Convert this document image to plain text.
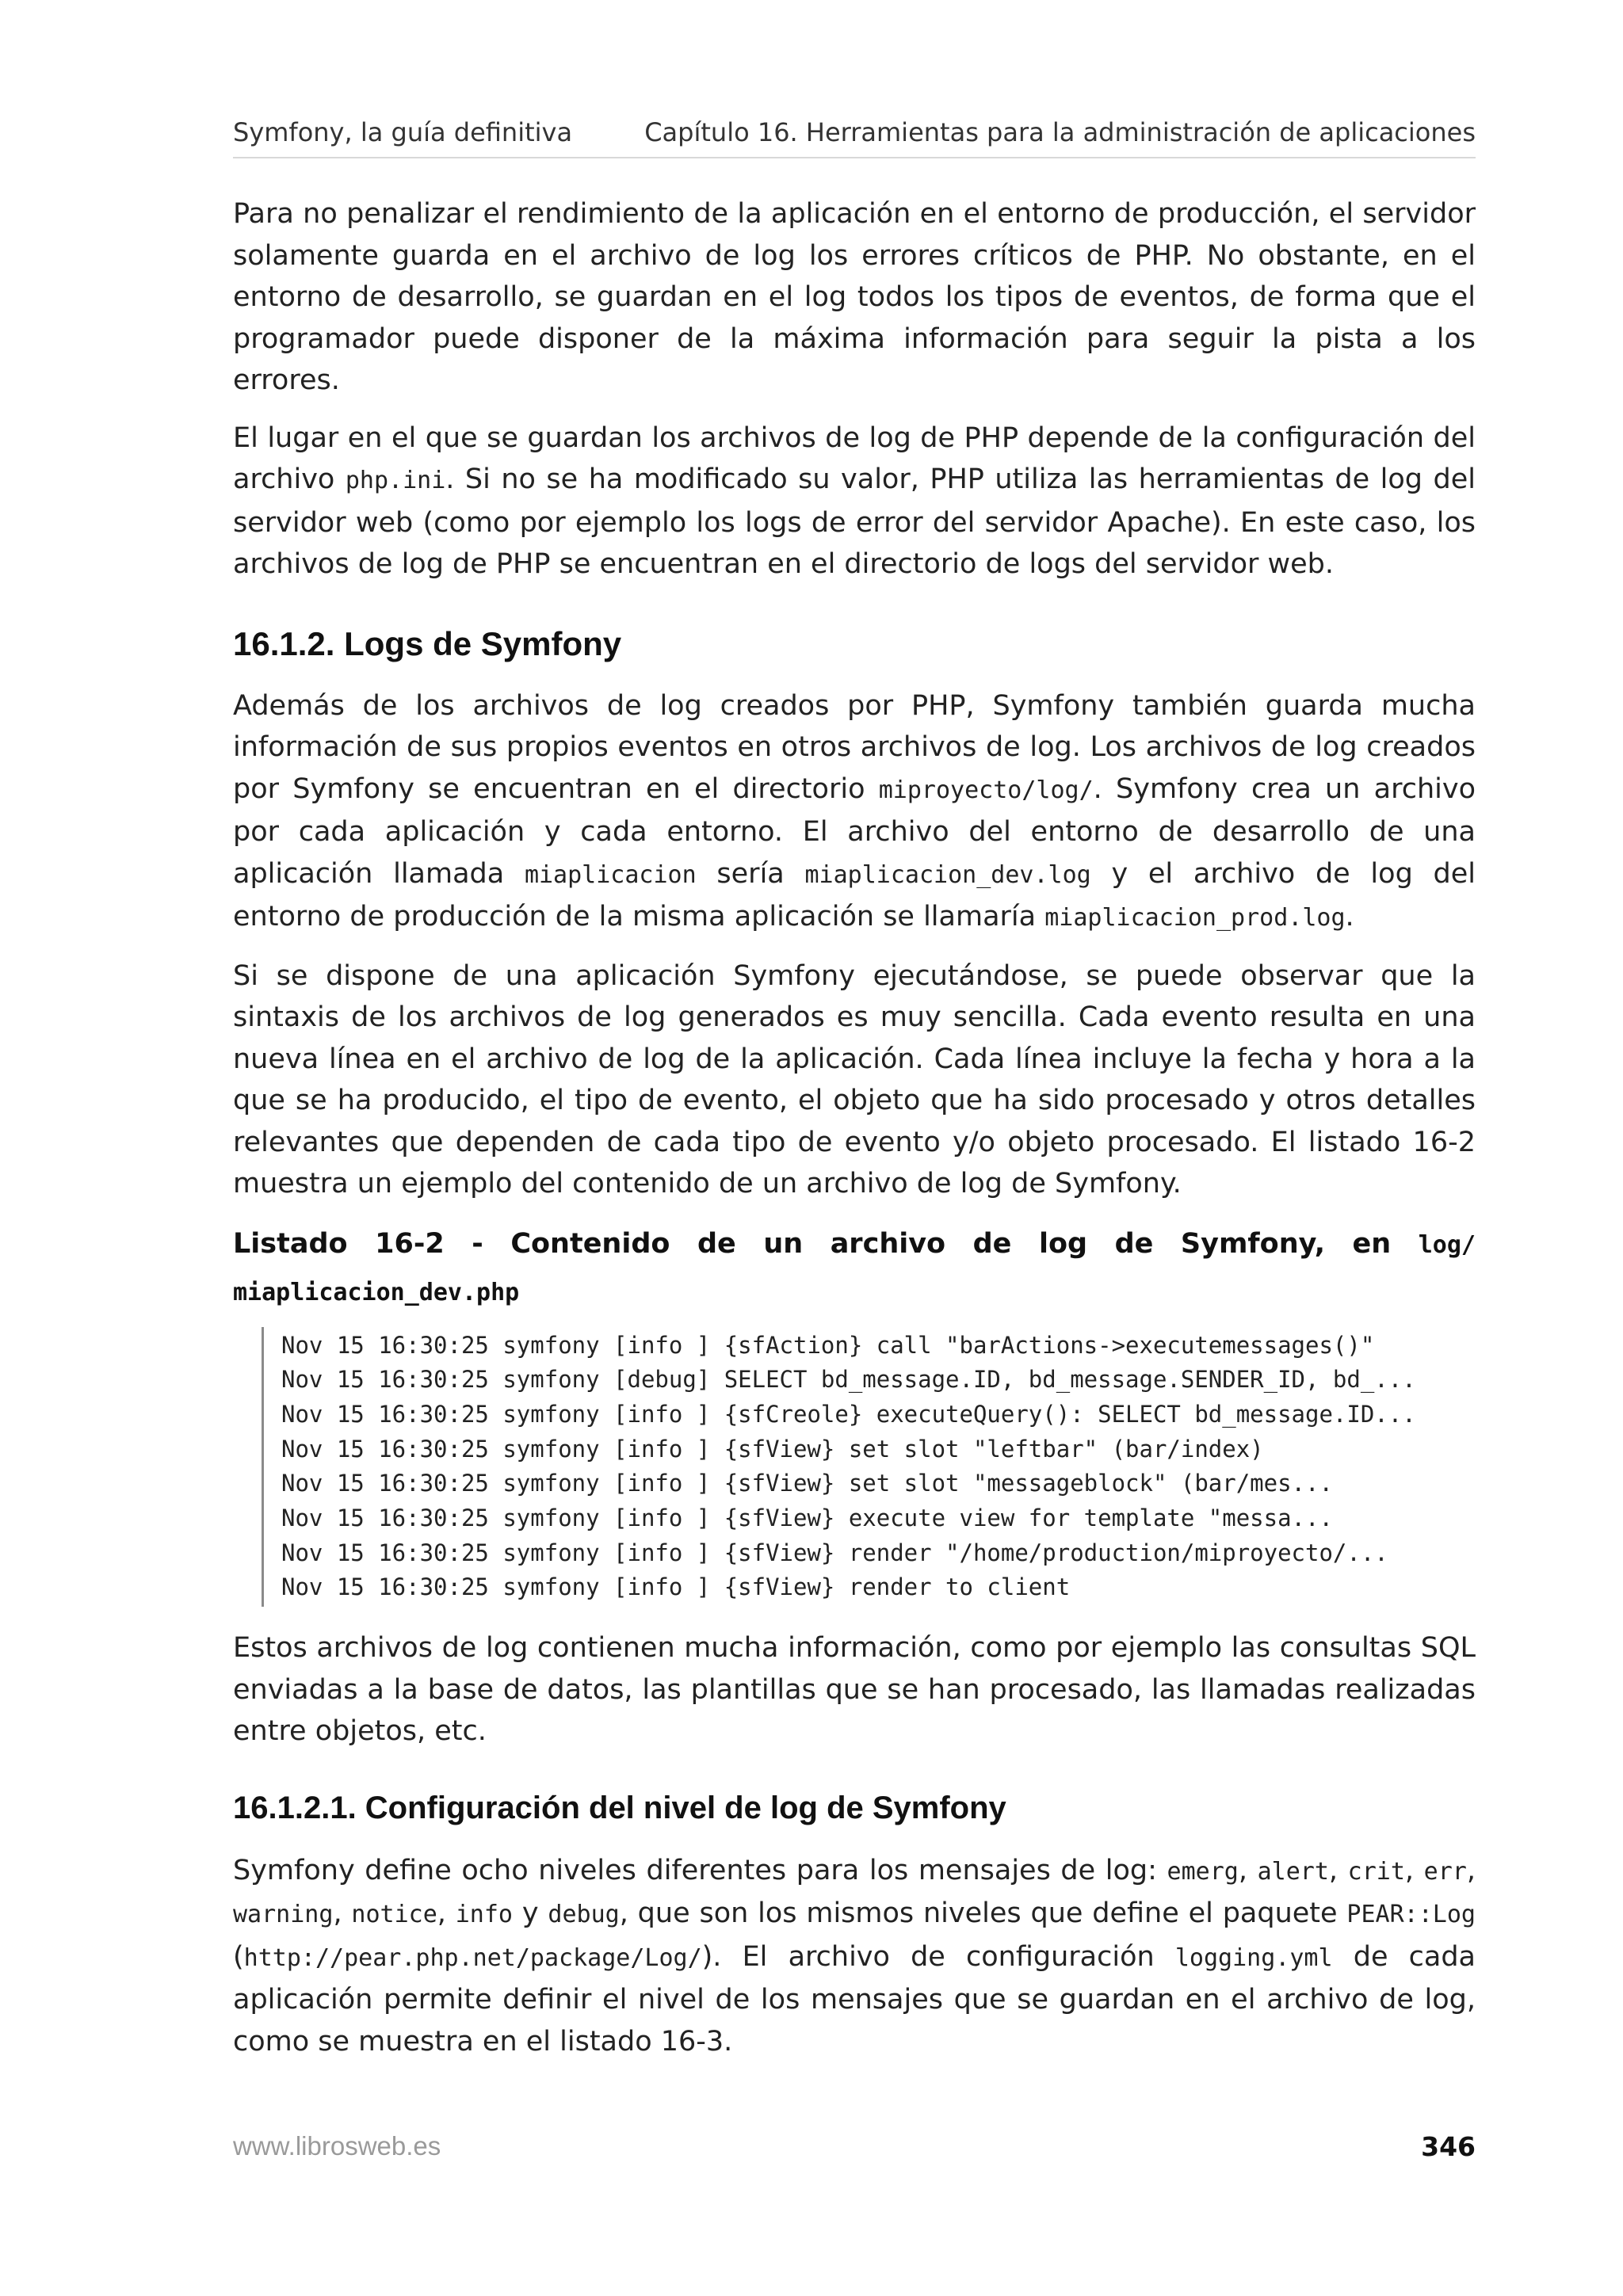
Symfony, la guía definitiva	Capítulo 16. Herramientas para la administración de aplicaciones

Para no penalizar el rendimiento de la aplicación en el entorno de producción, el servidor solamente guarda en el archivo de log los errores críticos de PHP. No obstante, en el entorno de desarrollo, se guardan en el log todos los tipos de eventos, de forma que el programador puede disponer de la máxima información para seguir la pista a los errores.

El lugar en el que se guardan los archivos de log de PHP depende de la configuración del archivo php.ini. Si no se ha modificado su valor, PHP utiliza las herramientas de log del servidor web (como por ejemplo los logs de error del servidor Apache). En este caso, los archivos de log de PHP se encuentran en el directorio de logs del servidor web.

16.1.2. Logs de Symfony

Además de los archivos de log creados por PHP, Symfony también guarda mucha información de sus propios eventos en otros archivos de log. Los archivos de log creados por Symfony se encuentran en el directorio miproyecto/log/. Symfony crea un archivo por cada aplicación y cada entorno. El archivo del entorno de desarrollo de una aplicación llamada miaplicacion sería miaplicacion_dev.log y el archivo de log del entorno de producción de la misma aplicación se llamaría miaplicacion_prod.log.

Si se dispone de una aplicación Symfony ejecutándose, se puede observar que la sintaxis de los archivos de log generados es muy sencilla. Cada evento resulta en una nueva línea en el archivo de log de la aplicación. Cada línea incluye la fecha y hora a la que se ha producido, el tipo de evento, el objeto que ha sido procesado y otros detalles relevantes que dependen de cada tipo de evento y/o objeto procesado. El listado 16-2 muestra un ejemplo del contenido de un archivo de log de Symfony.

Listado 16-2 - Contenido de un archivo de log de Symfony, en log/ miaplicacion_dev.php
Nov 15 16:30:25 symfony [info ] {sfAction} call "barActions->executemessages()"
Nov 15 16:30:25 symfony [debug] SELECT bd_message.ID, bd_message.SENDER_ID, bd_...
Nov 15 16:30:25 symfony [info ] {sfCreole} executeQuery(): SELECT bd_message.ID...
Nov 15 16:30:25 symfony [info ] {sfView} set slot "leftbar" (bar/index)
Nov 15 16:30:25 symfony [info ] {sfView} set slot "messageblock" (bar/mes...
Nov 15 16:30:25 symfony [info ] {sfView} execute view for template "messa...
Nov 15 16:30:25 symfony [info ] {sfView} render "/home/production/miproyecto/...
Nov 15 16:30:25 symfony [info ] {sfView} render to client

Estos archivos de log contienen mucha información, como por ejemplo las consultas SQL enviadas a la base de datos, las plantillas que se han procesado, las llamadas realizadas entre objetos, etc.

16.1.2.1. Configuración del nivel de log de Symfony

Symfony define ocho niveles diferentes para los mensajes de log: emerg, alert, crit, err, warning, notice, info y debug, que son los mismos niveles que define el paquete PEAR::Log (http://pear.php.net/package/Log/). El archivo de configuración logging.yml de cada aplicación permite definir el nivel de los mensajes que se guardan en el archivo de log, como se muestra en el listado 16-3.

www.librosweb.es	346
